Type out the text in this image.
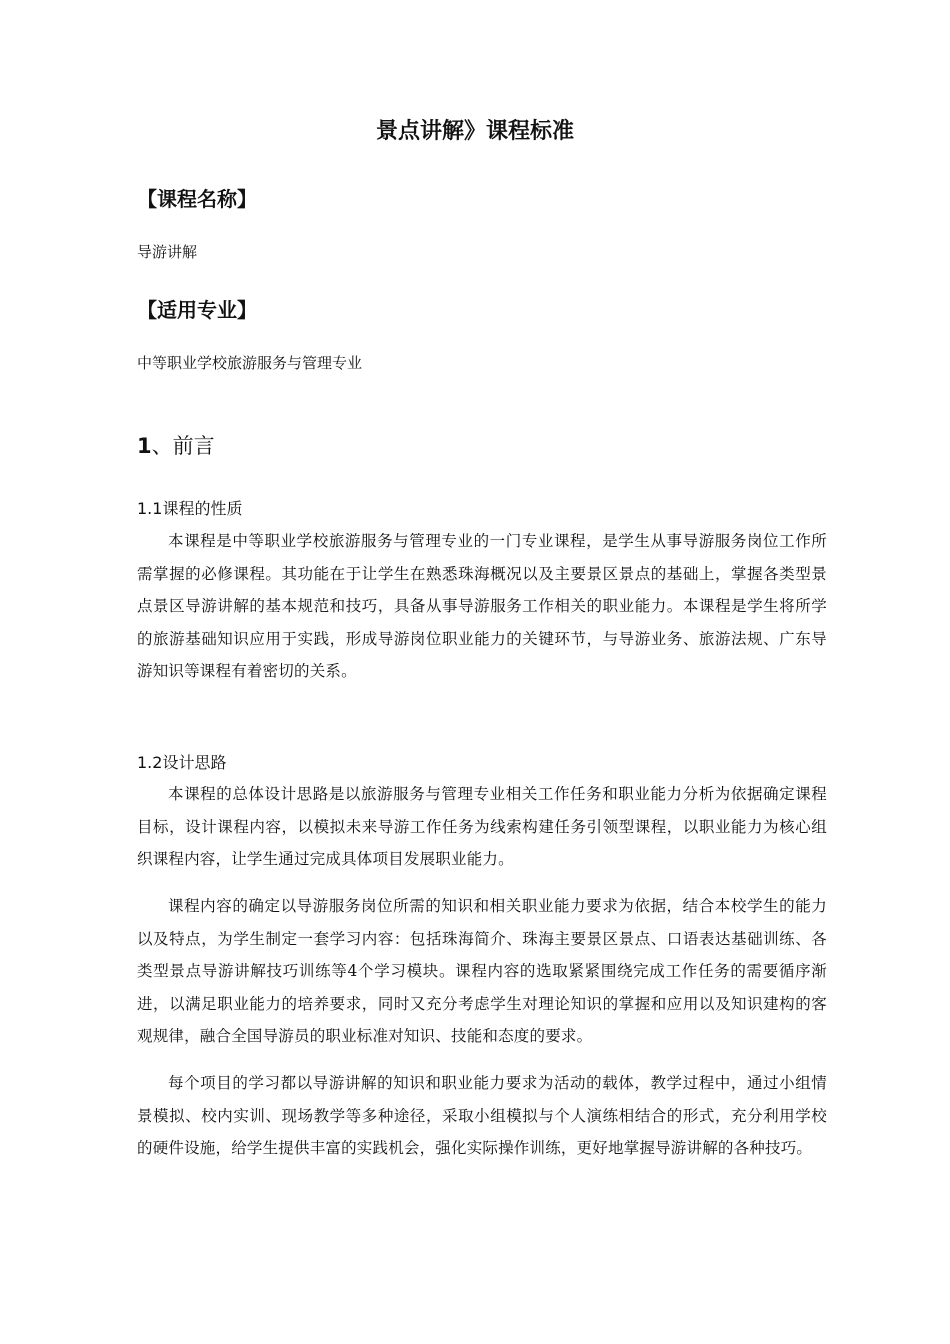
景点讲解》课程标准
【课程名称】
导游讲解
【适用专业】
中等职业学校旅游服务与管理专业
1、前言
1.1课程的性质
本课程是中等职业学校旅游服务与管理专业的一门专业课程，是学生从事导游服务岗位工作所需掌握的必修课程。其功能在于让学生在熟悉珠海概况以及主要景区景点的基础上，掌握各类型景点景区导游讲解的基本规范和技巧，具备从事导游服务工作相关的职业能力。本课程是学生将所学的旅游基础知识应用于实践，形成导游岗位职业能力的关键环节，与导游业务、旅游法规、广东导游知识等课程有着密切的关系。
1.2设计思路
本课程的总体设计思路是以旅游服务与管理专业相关工作任务和职业能力分析为依据确定课程目标，设计课程内容，以模拟未来导游工作任务为线索构建任务引领型课程，以职业能力为核心组织课程内容，让学生通过完成具体项目发展职业能力。
课程内容的确定以导游服务岗位所需的知识和相关职业能力要求为依据，结合本校学生的能力以及特点，为学生制定一套学习内容：包括珠海简介、珠海主要景区景点、口语表达基础训练、各类型景点导游讲解技巧训练等4个学习模块。课程内容的选取紧紧围绕完成工作任务的需要循序渐进，以满足职业能力的培养要求，同时又充分考虑学生对理论知识的掌握和应用以及知识建构的客观规律，融合全国导游员的职业标准对知识、技能和态度的要求。
每个项目的学习都以导游讲解的知识和职业能力要求为活动的载体，教学过程中，通过小组情景模拟、校内实训、现场教学等多种途径，采取小组模拟与个人演练相结合的形式，充分利用学校的硬件设施，给学生提供丰富的实践机会，强化实际操作训练，更好地掌握导游讲解的各种技巧。
